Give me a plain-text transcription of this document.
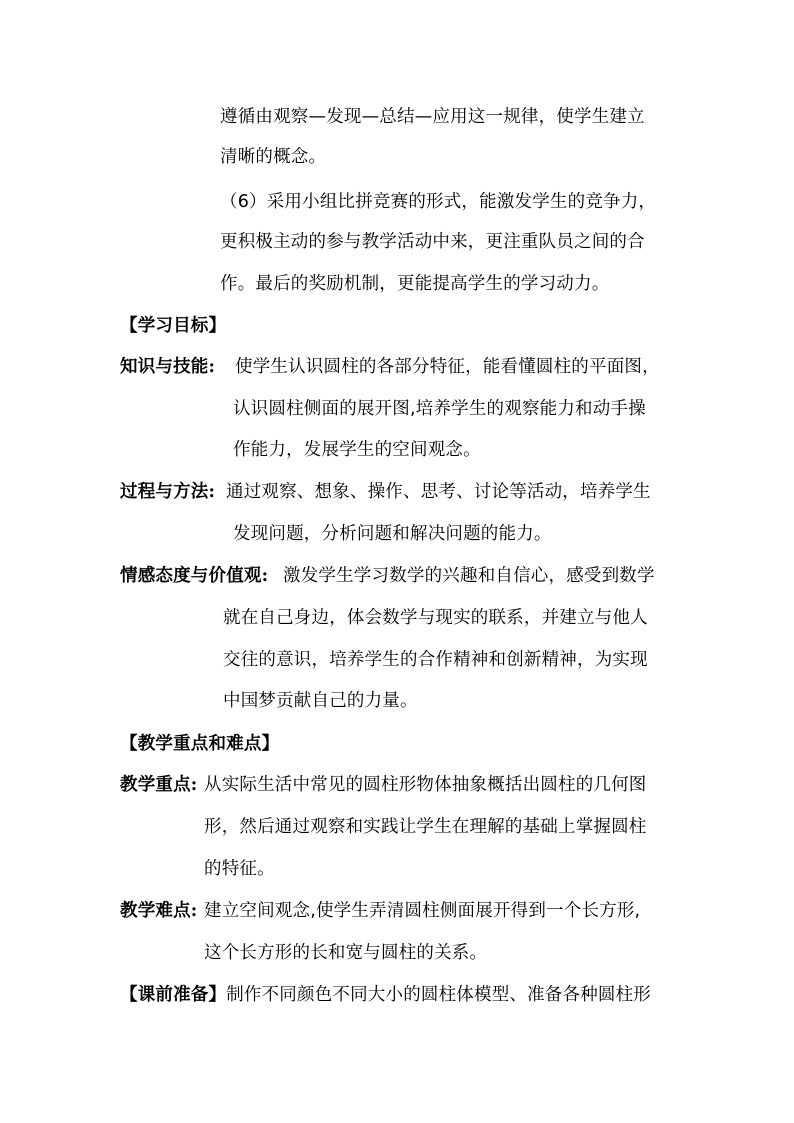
遵循由观察—发现—总结—应用这一规律，使学生建立
清晰的概念。
（6）采用小组比拼竞赛的形式，能激发学生的竞争力，
更积极主动的参与教学活动中来，更注重队员之间的合
作。最后的奖励机制，更能提高学生的学习动力。
【学习目标】
知识与技能: 使学生认识圆柱的各部分特征，能看懂圆柱的平面图，
认识圆柱侧面的展开图,培养学生的观察能力和动手操
作能力，发展学生的空间观念。
过程与方法: 通过观察、想象、操作、思考、讨论等活动，培养学生
发现问题，分析问题和解决问题的能力。
情感态度与价值观: 激发学生学习数学的兴趣和自信心，感受到数学
就在自己身边，体会数学与现实的联系，并建立与他人
交往的意识，培养学生的合作精神和创新精神，为实现
中国梦贡献自己的力量。
【教学重点和难点】
教学重点: 从实际生活中常见的圆柱形物体抽象概括出圆柱的几何图
形，然后通过观察和实践让学生在理解的基础上掌握圆柱
的特征。
教学难点: 建立空间观念,使学生弄清圆柱侧面展开得到一个长方形,
这个长方形的长和宽与圆柱的关系。
【课前准备】制作不同颜色不同大小的圆柱体模型、准备各种圆柱形
